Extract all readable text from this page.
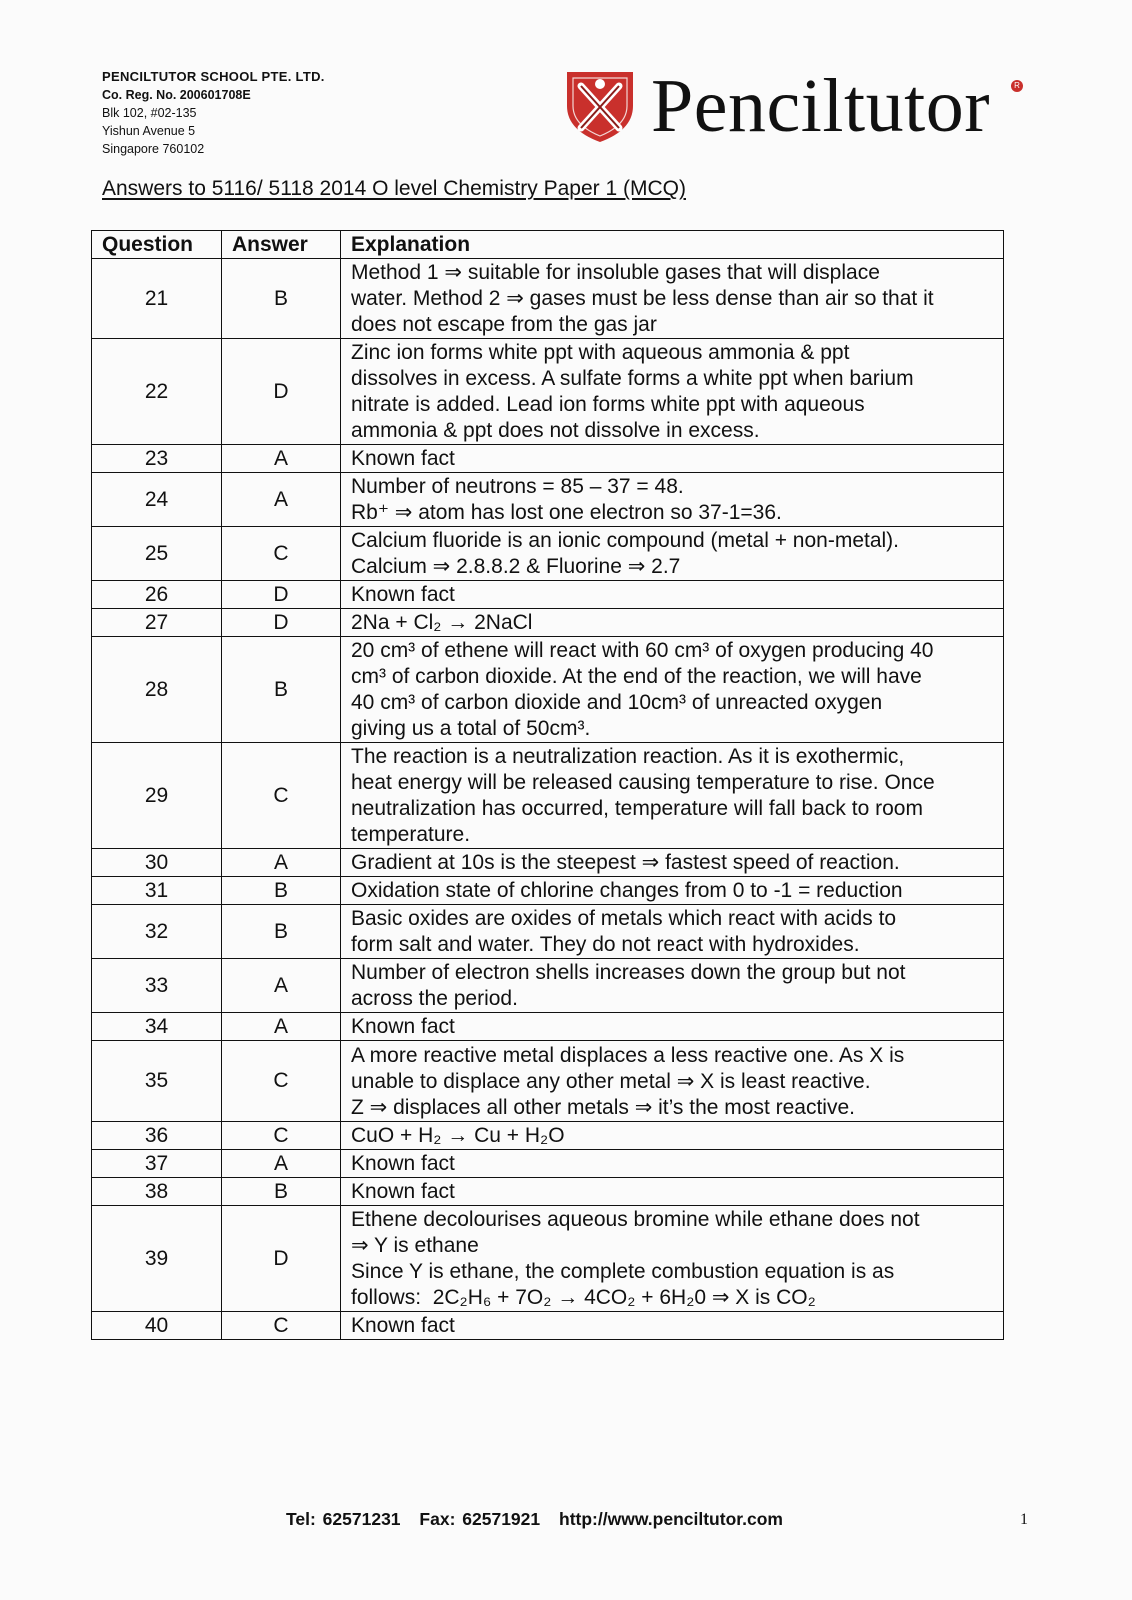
PENCILTUTOR SCHOOL PTE. LTD.
Co. Reg. No. 200601708E
Blk 102, #02-135
Yishun Avenue 5
Singapore 760102
Penciltutor	R
Answers to 5116/ 5118 2014 O level Chemistry Paper 1 (MCQ)
Question	Answer	Explanation
21	B	Method 1 ⇒ suitable for insoluble gases that will displace
water. Method 2 ⇒ gases must be less dense than air so that it
does not escape from the gas jar

22	D	Zinc ion forms white ppt with aqueous ammonia & ppt
dissolves in excess. A sulfate forms a white ppt when barium
nitrate is added. Lead ion forms white ppt with aqueous
ammonia & ppt does not dissolve in excess.

23	A	Known fact

24	A	Number of neutrons = 85 – 37 = 48.
Rb⁺ ⇒ atom has lost one electron so 37-1=36.

25	C	Calcium fluoride is an ionic compound (metal + non-metal).
Calcium ⇒ 2.8.8.2 & Fluorine ⇒ 2.7

26	D	Known fact

27	D	2Na + Cl₂ → 2NaCl

28	B	20 cm³ of ethene will react with 60 cm³ of oxygen producing 40
cm³ of carbon dioxide. At the end of the reaction, we will have
40 cm³ of carbon dioxide and 10cm³ of unreacted oxygen
giving us a total of 50cm³.

29	C	The reaction is a neutralization reaction. As it is exothermic,
heat energy will be released causing temperature to rise. Once
neutralization has occurred, temperature will fall back to room
temperature.

30	A	Gradient at 10s is the steepest ⇒ fastest speed of reaction.

31	B	Oxidation state of chlorine changes from 0 to -1 = reduction

32	B	Basic oxides are oxides of metals which react with acids to
form salt and water. They do not react with hydroxides.

33	A	Number of electron shells increases down the group but not
across the period.

34	A	Known fact

35	C	A more reactive metal displaces a less reactive one. As X is
unable to displace any other metal ⇒ X is least reactive.
Z ⇒ displaces all other metals ⇒ it’s the most reactive.

36	C	CuO + H₂ → Cu + H₂O

37	A	Known fact

38	B	Known fact

39	D	Ethene decolourises aqueous bromine while ethane does not
⇒ Y is ethane
Since Y is ethane, the complete combustion equation is as
follows:  2C₂H₆ + 7O₂ → 4CO₂ + 6H₂0 ⇒ X is CO₂

40	C	Known fact
Tel: 62571231 Fax: 62571921 http://www.penciltutor.com	1
